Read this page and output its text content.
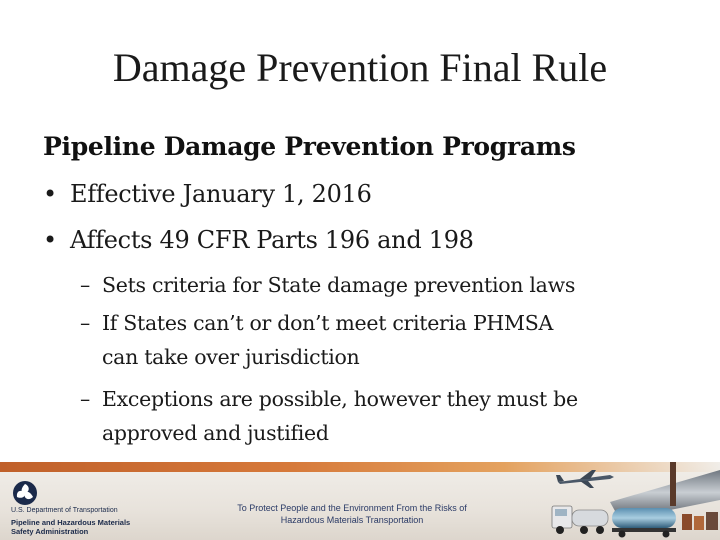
Damage Prevention Final Rule
Pipeline Damage Prevention Programs
• Effective January 1, 2016
• Affects 49 CFR Parts 196 and 198
– Sets criteria for State damage prevention laws
– If States can’t or don’t meet criteria PHMSA
can take over jurisdiction
– Exceptions are possible, however they must be
approved and justified
U.S. Department of Transportation
Pipeline and Hazardous Materials
Safety Administration
To Protect People and the Environment From the Risks of
Hazardous Materials Transportation
